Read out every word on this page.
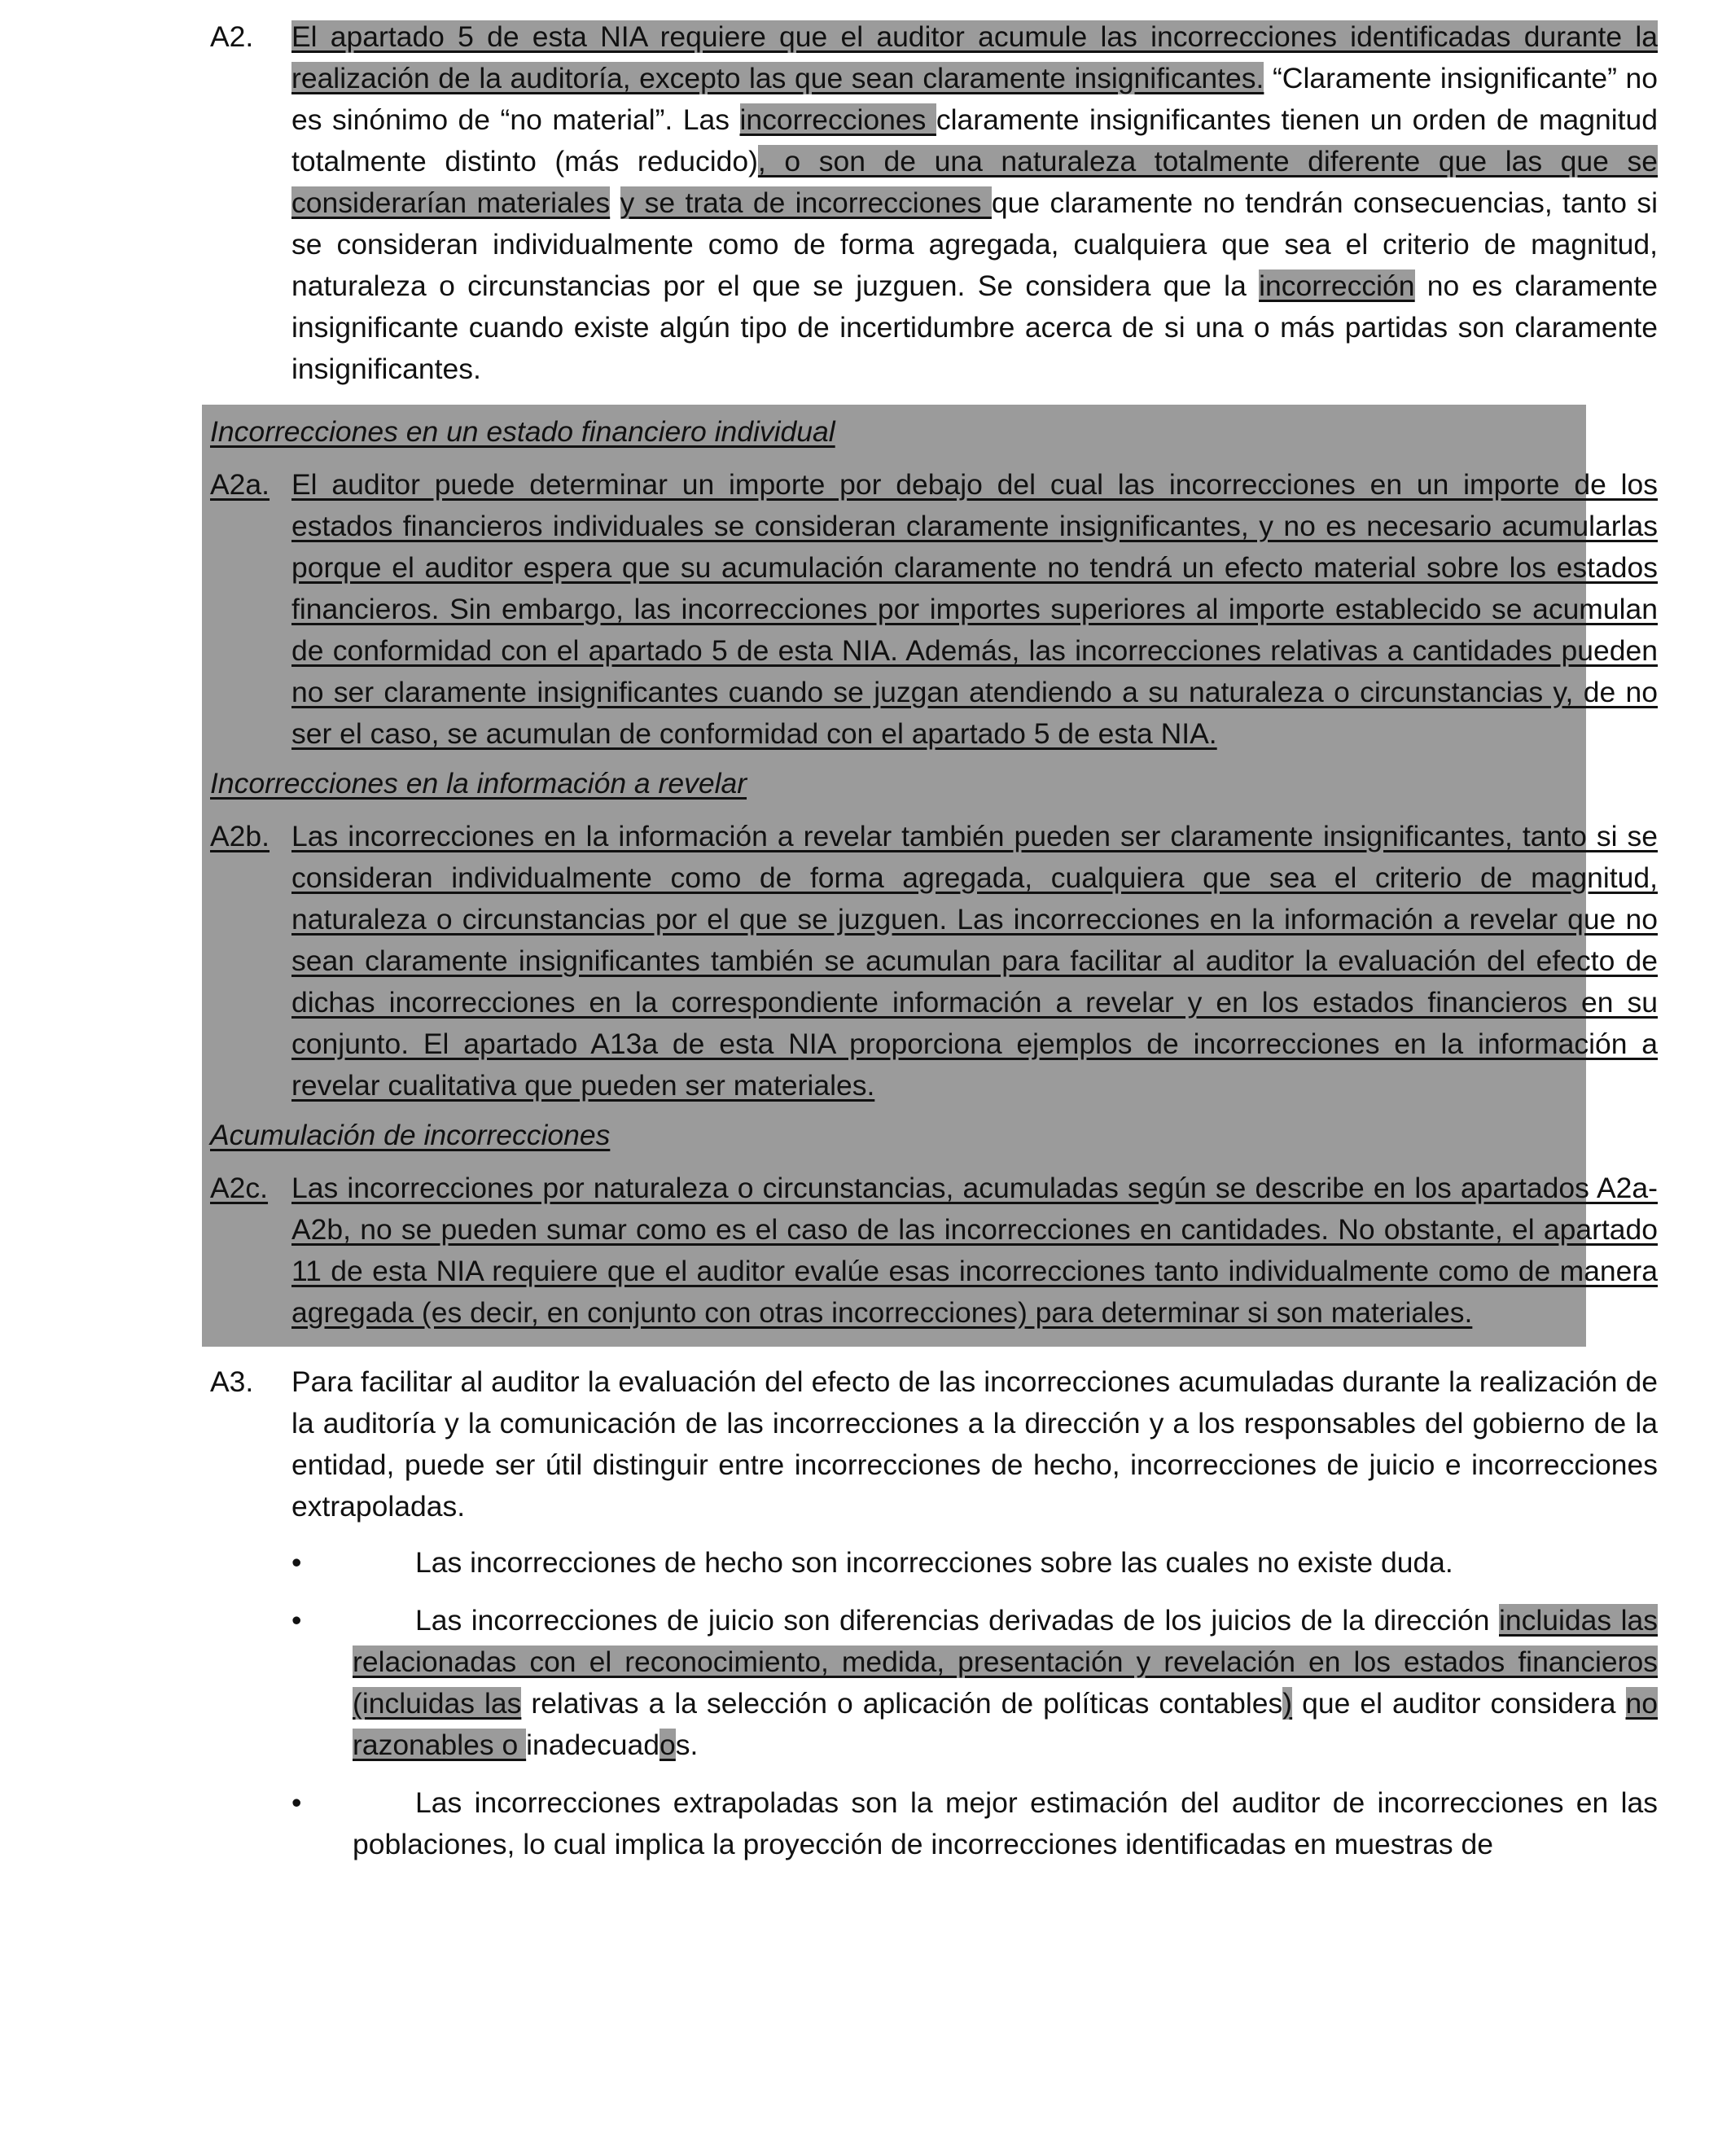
A2. El apartado 5 de esta NIA requiere que el auditor acumule las incorrecciones identificadas durante la realización de la auditoría, excepto las que sean claramente insignificantes. “Claramente insignificante” no es sinónimo de “no material”. Las incorrecciones claramente insignificantes tienen un orden de magnitud totalmente distinto (más reducido), o son de una naturaleza totalmente diferente que las que se considerarían materiales y se trata de incorrecciones que claramente no tendrán consecuencias, tanto si se consideran individualmente como de forma agregada, cualquiera que sea el criterio de magnitud, naturaleza o circunstancias por el que se juzguen. Se considera que la incorrección no es claramente insignificante cuando existe algún tipo de incertidumbre acerca de si una o más partidas son claramente insignificantes.
Incorrecciones en un estado financiero individual
A2a. El auditor puede determinar un importe por debajo del cual las incorrecciones en un importe de los estados financieros individuales se consideran claramente insignificantes, y no es necesario acumularlas porque el auditor espera que su acumulación claramente no tendrá un efecto material sobre los estados financieros. Sin embargo, las incorrecciones por importes superiores al importe establecido se acumulan de conformidad con el apartado 5 de esta NIA. Además, las incorrecciones relativas a cantidades pueden no ser claramente insignificantes cuando se juzgan atendiendo a su naturaleza o circunstancias y, de no ser el caso, se acumulan de conformidad con el apartado 5 de esta NIA.
Incorrecciones en la información a revelar
A2b. Las incorrecciones en la información a revelar también pueden ser claramente insignificantes, tanto si se consideran individualmente como de forma agregada, cualquiera que sea el criterio de magnitud, naturaleza o circunstancias por el que se juzguen. Las incorrecciones en la información a revelar que no sean claramente insignificantes también se acumulan para facilitar al auditor la evaluación del efecto de dichas incorrecciones en la correspondiente información a revelar y en los estados financieros en su conjunto. El apartado A13a de esta NIA proporciona ejemplos de incorrecciones en la información a revelar cualitativa que pueden ser materiales.
Acumulación de incorrecciones
A2c. Las incorrecciones por naturaleza o circunstancias, acumuladas según se describe en los apartados A2a-A2b, no se pueden sumar como es el caso de las incorrecciones en cantidades. No obstante, el apartado 11 de esta NIA requiere que el auditor evalúe esas incorrecciones tanto individualmente como de manera agregada (es decir, en conjunto con otras incorrecciones) para determinar si son materiales.
A3. Para facilitar al auditor la evaluación del efecto de las incorrecciones acumuladas durante la realización de la auditoría y la comunicación de las incorrecciones a la dirección y a los responsables del gobierno de la entidad, puede ser útil distinguir entre incorrecciones de hecho, incorrecciones de juicio e incorrecciones extrapoladas.
•	Las incorrecciones de hecho son incorrecciones sobre las cuales no existe duda.
•	Las incorrecciones de juicio son diferencias derivadas de los juicios de la dirección incluidas las relacionadas con el reconocimiento, medida, presentación y revelación en los estados financieros (incluidas las relativas a la selección o aplicación de políticas contables) que el auditor considera no razonables o inadecuados.
•	Las incorrecciones extrapoladas son la mejor estimación del auditor de incorrecciones en las poblaciones, lo cual implica la proyección de incorrecciones identificadas en muestras de
